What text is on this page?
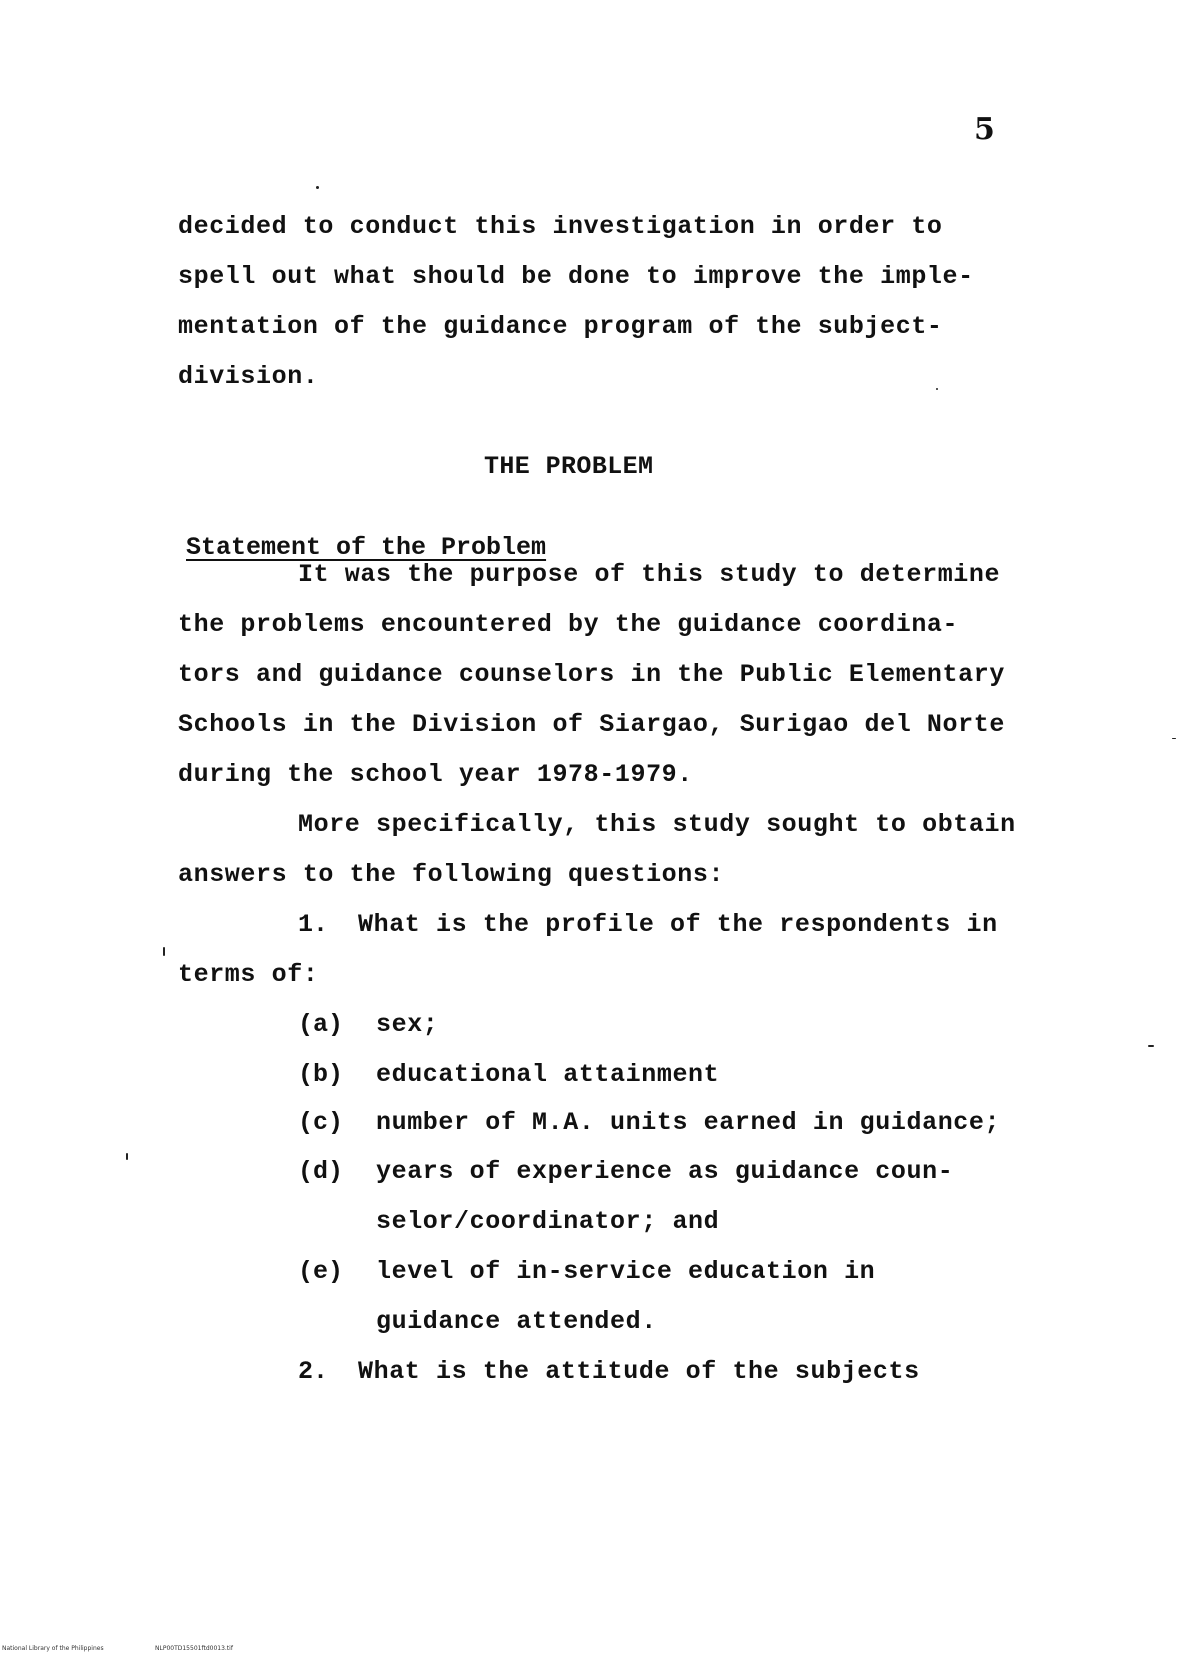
5
decided to conduct this investigation in order to
spell out what should be done to improve the imple-
mentation of the guidance program of the subject-
division.
THE PROBLEM
Statement of the Problem
It was the purpose of this study to determine
the problems encountered by the guidance coordina-
tors and guidance counselors in the Public Elementary
Schools in the Division of Siargao, Surigao del Norte
during the school year 1978-1979.
More specifically, this study sought to obtain
answers to the following questions:
1. What is the profile of the respondents in
terms of:
(a) sex;
(b) educational attainment
(c) number of M.A. units earned in guidance;
(d) years of experience as guidance coun-
selor/coordinator; and
(e) level of in-service education in
guidance attended.
2. What is the attitude of the subjects
National Library of the Philippines	NLP00TD15501ftd0013.tif
